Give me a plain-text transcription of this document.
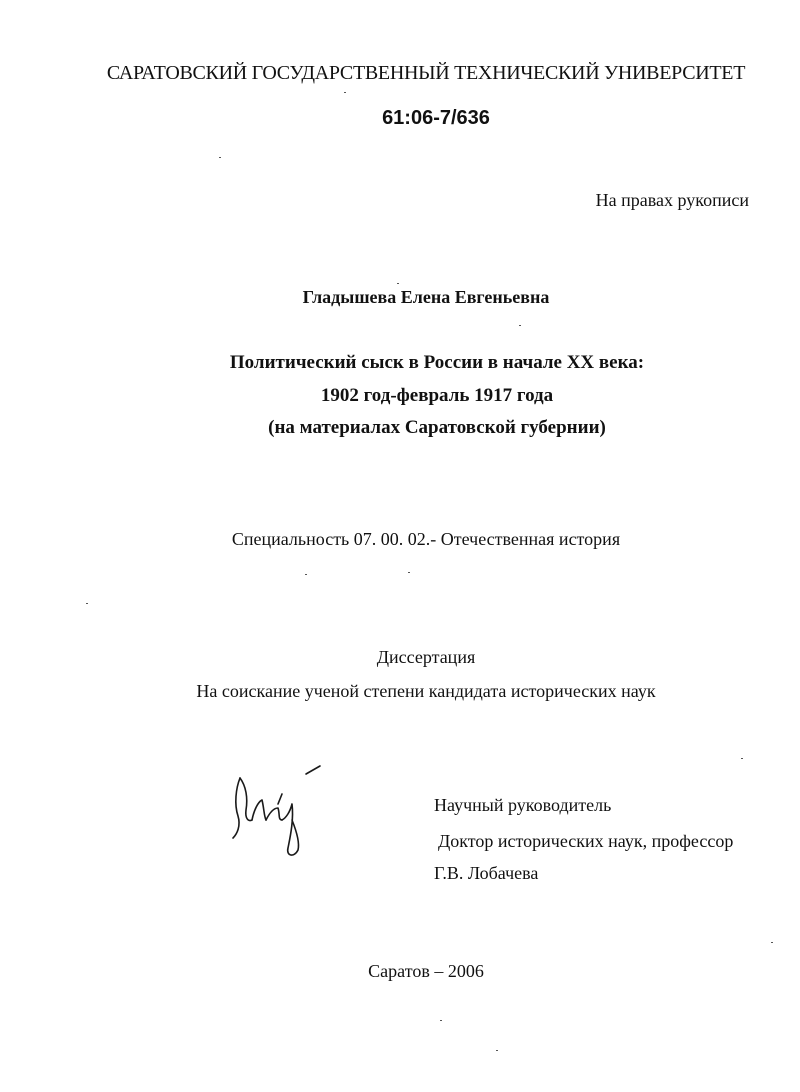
САРАТОВСКИЙ ГОСУДАРСТВЕННЫЙ ТЕХНИЧЕСКИЙ УНИВЕРСИТЕТ
61:06-7/636
На правах рукописи
Гладышева Елена Евгеньевна
Политический сыск в России в начале XX века:
1902 год-февраль 1917 года
(на материалах Саратовской губернии)
Специальность 07. 00. 02.- Отечественная история
Диссертация
На соискание ученой степени кандидата исторических наук
Научный руководитель
Доктор исторических наук, профессор
Г.В. Лобачева
Саратов – 2006
